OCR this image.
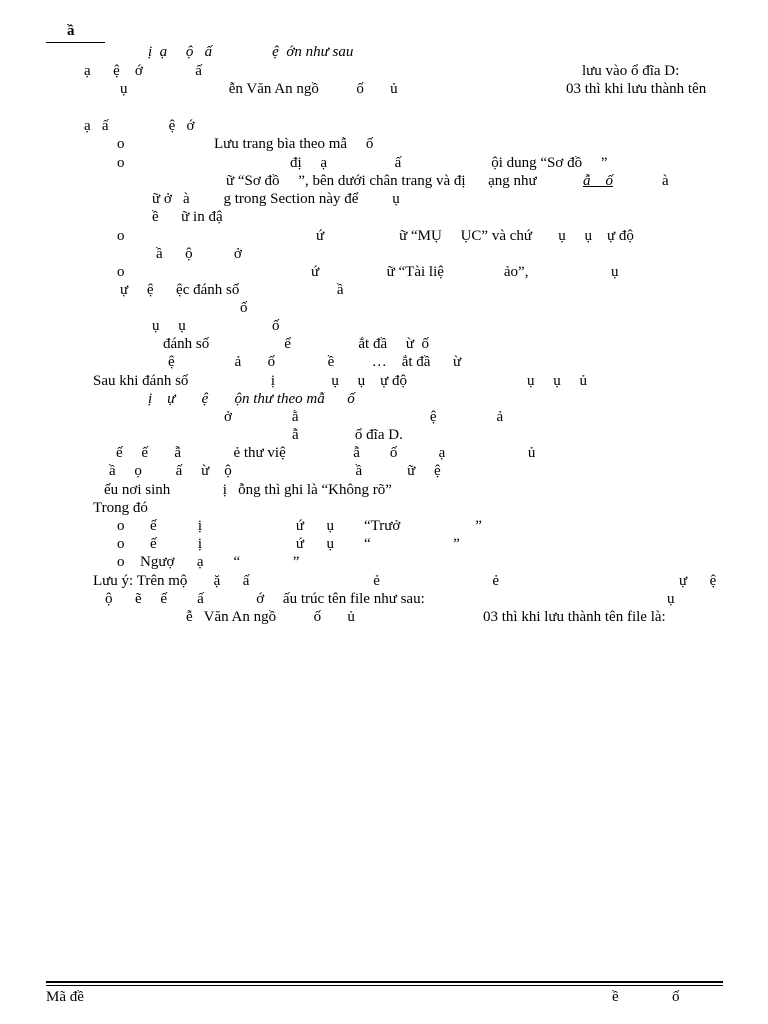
ầ
ị  ạ     ộ   ấ                ệ  ớn như sau
ạ      ệ    ớ              ấ	lưu vào ổ đĩa D:
ụ                           ễn Văn An ngồ          ố       ủ	03 thì khi lưu thành tên
ạ   ấ                ệ   ớ
o	Lưu trang bìa theo mẫ     ố
o	đị     ạ                  ấ                        ội dung “Sơ đồ     ”
ữ “Sơ đồ     ”, bên dưới chân trang và đị      ạng như	ẫ    ố	à
ữ ở   à         g trong Section này để         ụ
ề      ữ in đậ
o	ứ                    ữ “MỤ     ỤC” và chứ       ụ     ụ    ự độ
ầ      ộ           ở
o	ứ                  ữ “Tài liệ                ảo”,                      ụ
ự     ệ      ệc đánh số                          ầ
ố
ụ     ụ                       ố
đánh số                    ể                  ắt đầ     ừ  ố
ệ                ả       ố              ề          …    ắt đầ      ừ
Sau khi đánh số                      ị               ụ     ụ    ự độ                                ụ     ụ     ủ
ị    ự       ệ       ộn thư theo mẫ      ố
ở                ằ                                   ệ                ả
ẫ               ổ đĩa D.
ế     ế       ẫ              ẻ thư việ                  ẫ        ố           ạ                      ủ
ầ     ọ         ấ     ừ    ộ                                 ầ            ữ     ệ
ếu nơi sinh              ị   ỗng thì ghi là “Không rõ”
Trong đó
o ế           ị                         ứ      ụ        “Trưở                    ”
o ế           ị                         ứ      ụ        “                      ”
o Ngượ      ạ        “              ”
Lưu ý: Trên mộ       ặ      ấ                                 ẻ                              ẻ                                                ự      ệ
ộ      ẽ     ế        ấ              ớ     ấu trúc tên file như sau:	ụ
ễ   Văn An ngồ          ố       ủ	03 thì khi lưu thành tên file là:
Mã đề	ề	ố
